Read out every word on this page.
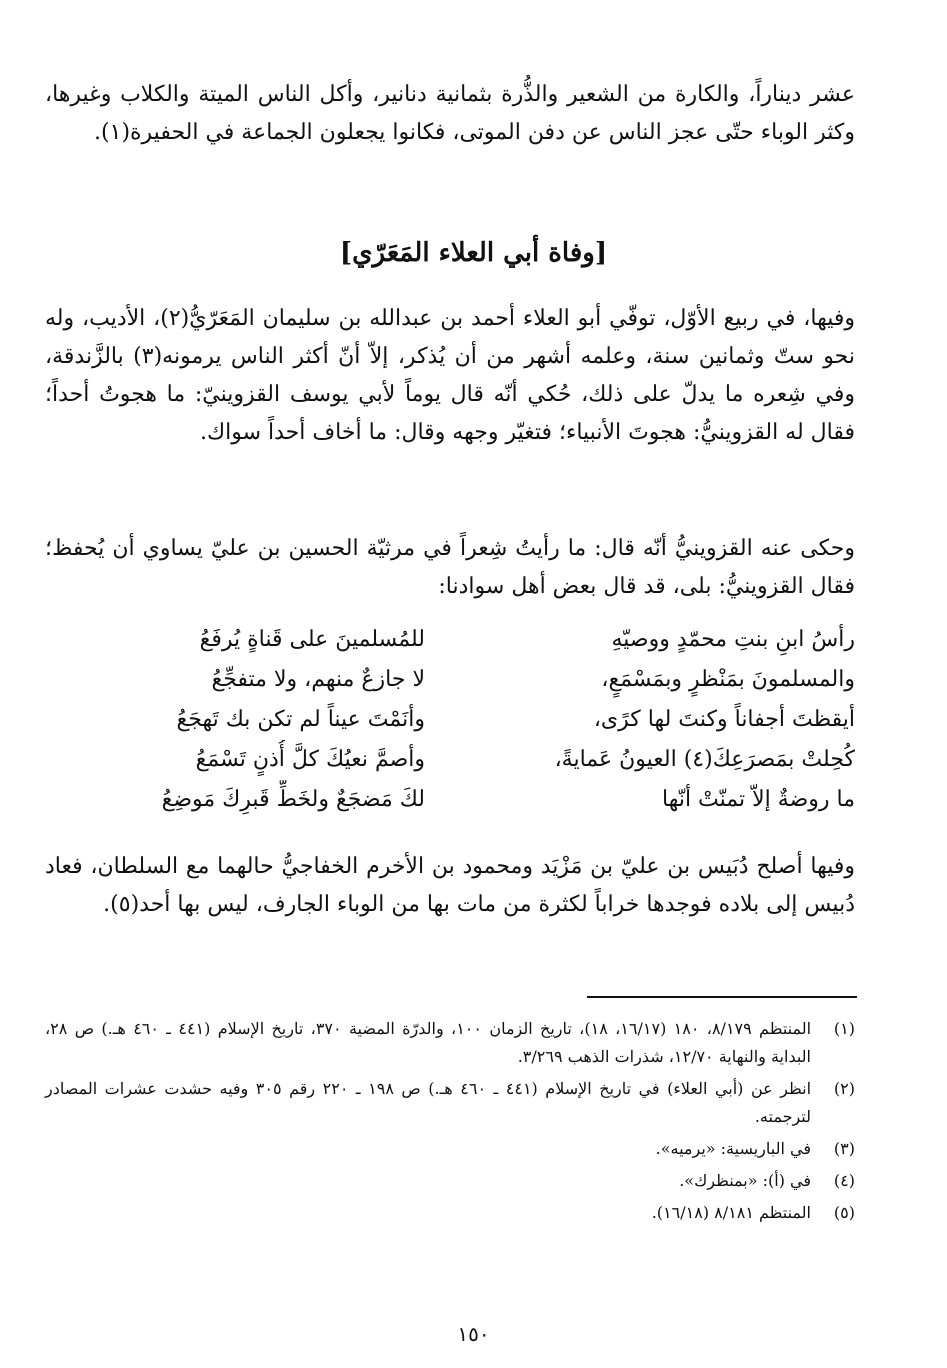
عشر ديناراً، والكارة من الشعير والذُّرة بثمانية دنانير، وأكل الناس الميتة والكلاب وغيرها، وكثر الوباء حتّى عجز الناس عن دفن الموتى، فكانوا يجعلون الجماعة في الحفيرة(١).

[وفاة أبي العلاء المَعَرّي]

وفيها، في ربيع الأوّل، توفّي أبو العلاء أحمد بن عبدالله بن سليمان المَعَرّيُّ(٢)، الأديب، وله نحو ستّ وثمانين سنة، وعلمه أشهر من أن يُذكر، إلاّ أنّ أكثر الناس يرمونه(٣) بالزَّندقة، وفي شِعره ما يدلّ على ذلك، حُكي أنّه قال يوماً لأبي يوسف القزوينيّ: ما هجوتُ أحداً؛ فقال له القزوينيُّ: هجوتَ الأنبياء؛ فتغيّر وجهه وقال: ما أخاف أحداً سواك.

وحكى عنه القزوينيُّ أنّه قال: ما رأيتُ شِعراً في مرثيّة الحسين بن عليّ يساوي أن يُحفظ؛ فقال القزوينيُّ: بلى، قد قال بعض أهل سوادنا:

رأسُ ابنِ بنتِ محمّدٍ ووصيّهِ
للمُسلمينَ على قَناةٍ يُرفَعُ
والمسلمونَ بمَنْظرٍ وبمَسْمَعٍ،
لا جازعٌ منهم، ولا متفجِّعُ
أيقظتَ أجفاناً وكنتَ لها كرًى،
وأنَمْتَ عيناً لم تكن بك تَهجَعُ
كُحِلتْ بمَصرَعِكَ(٤) العيونُ عَمايةً،
وأصمَّ نعيُكَ كلَّ أُذنٍ تَسْمَعُ
ما روضةٌ إلاّ تمنّتْ أنّها
لكَ مَضجَعٌ ولخَطِّ قَبرِكَ مَوضِعُ

وفيها أصلح دُبَيس بن عليّ بن مَزْيَد ومحمود بن الأخرم الخفاجيُّ حالهما مع السلطان، فعاد دُبيس إلى بلاده فوجدها خراباً لكثرة من مات بها من الوباء الجارف، ليس بها أحد(٥).

(١)
المنتظم ٨/١٧٩، ١٨٠ (١٦/١٧، ١٨)، تاريخ الزمان ١٠٠، والدرّة المضية ٣٧٠، تاريخ الإسلام (٤٤١ ـ ٤٦٠ هـ.) ص ٢٨، البداية والنهاية ١٢/٧٠، شذرات الذهب ٣/٢٦٩.
(٢)
انظر عن (أبي العلاء) في تاريخ الإسلام (٤٤١ ـ ٤٦٠ هـ.) ص ١٩٨ ـ ٢٢٠ رقم ٣٠٥ وفيه حشدت عشرات المصادر لترجمته.
(٣)
في الباريسية: «يرميه».
(٤)
في (أ): «بمنظرك».
(٥)
المنتظم ٨/١٨١ (١٦/١٨).
١٥٠
